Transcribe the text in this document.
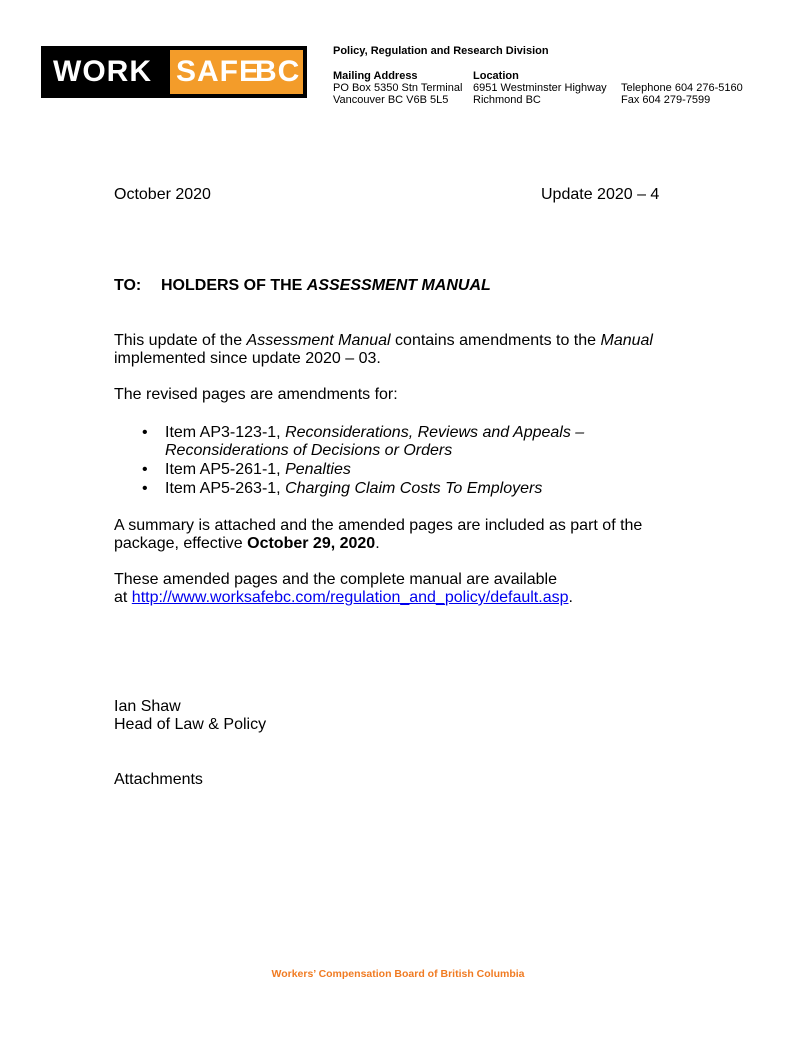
WORK SAFE
BC
Policy, Regulation and Research Division
Mailing Address
PO Box 5350 Stn Terminal
Vancouver BC V6B 5L5
Location
6951 Westminster Highway
Richmond BC
Telephone 604 276-5160
Fax 604 279-7599
October 2020	Update 2020 – 4
TO: HOLDERS OF THE ASSESSMENT MANUAL
This update of the Assessment Manual contains amendments to the Manual
implemented since update 2020 – 03.
The revised pages are amendments for:
• Item AP3-123-1, Reconsiderations, Reviews and Appeals –
Reconsiderations of Decisions or Orders
• Item AP5-261-1, Penalties
• Item AP5-263-1, Charging Claim Costs To Employers
A summary is attached and the amended pages are included as part of the
package, effective October 29, 2020.
These amended pages and the complete manual are available
at http://www.worksafebc.com/regulation_and_policy/default.asp.
Ian Shaw
Head of Law & Policy
Attachments
Workers’ Compensation Board of British Columbia
